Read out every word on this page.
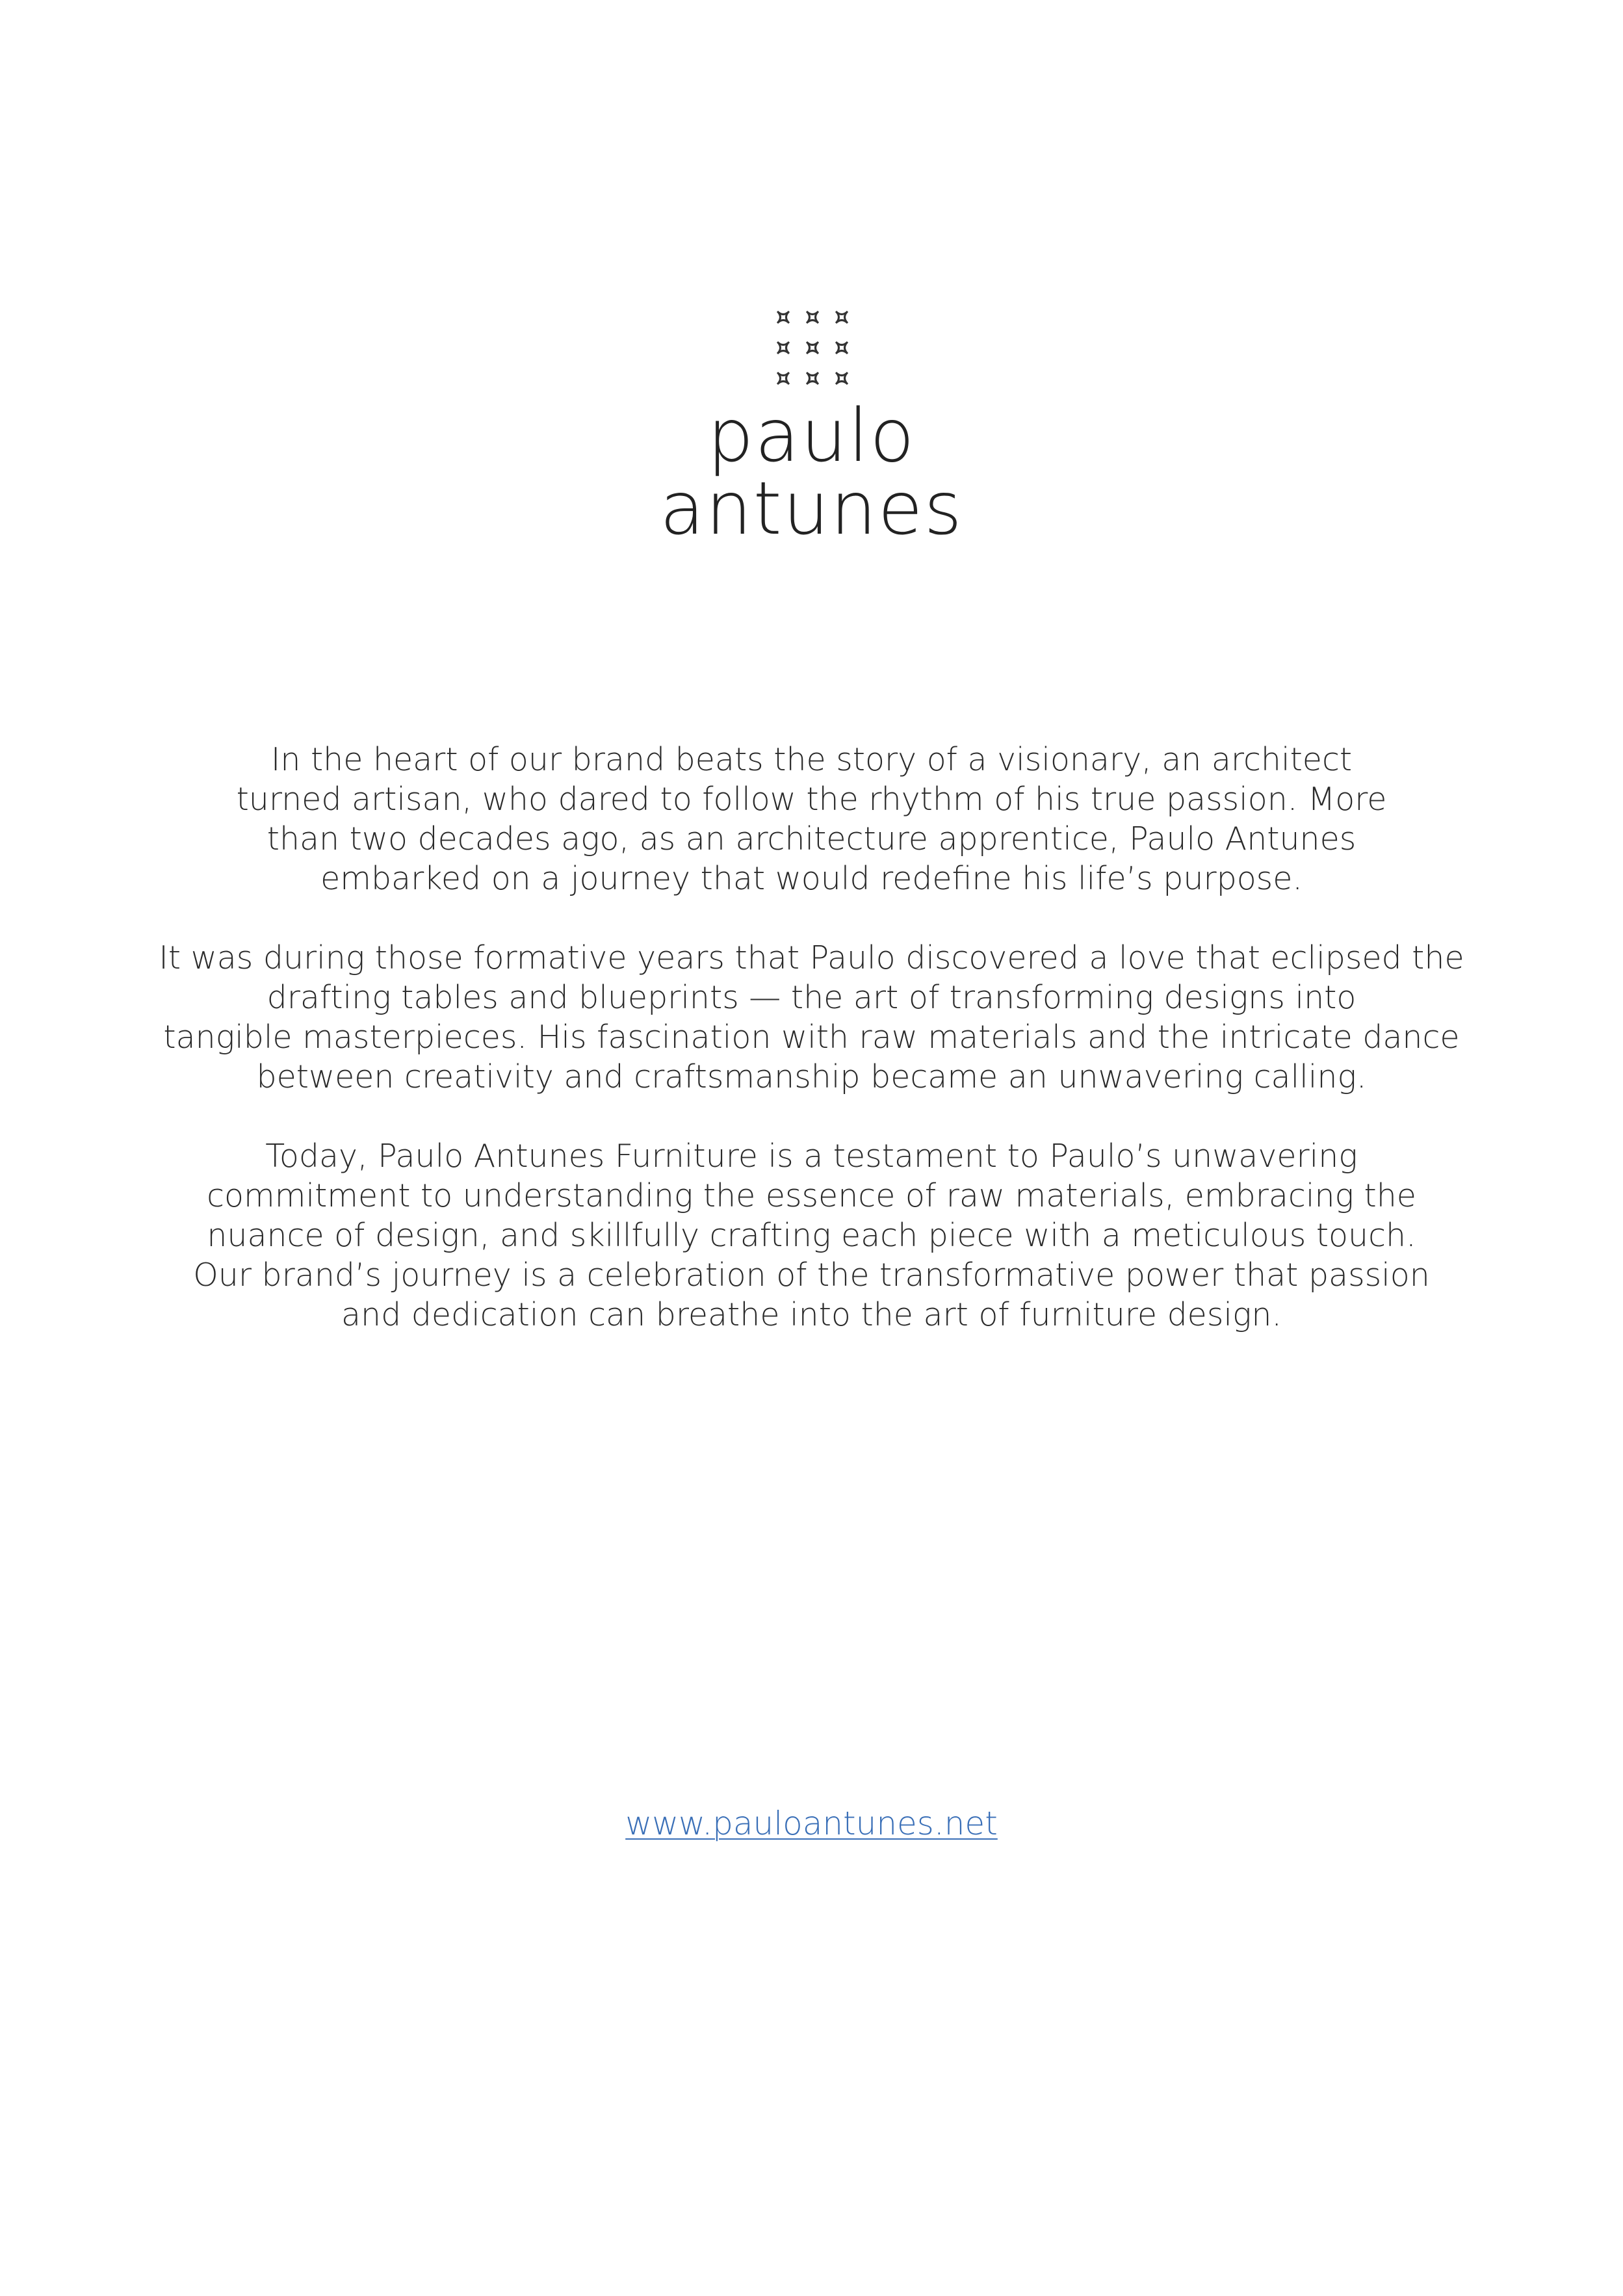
paulo
antunes

In the heart of our brand beats the story of a visionary, an architect
turned artisan, who dared to follow the rhythm of his true passion. More
than two decades ago, as an architecture apprentice, Paulo Antunes
embarked on a journey that would redefine his life’s purpose.

It was during those formative years that Paulo discovered a love that eclipsed the
drafting tables and blueprints — the art of transforming designs into
tangible masterpieces. His fascination with raw materials and the intricate dance
between creativity and craftsmanship became an unwavering calling.

Today, Paulo Antunes Furniture is a testament to Paulo’s unwavering
commitment to understanding the essence of raw materials, embracing the
nuance of design, and skillfully crafting each piece with a meticulous touch.
Our brand’s journey is a celebration of the transformative power that passion
and dedication can breathe into the art of furniture design.

www.pauloantunes.net
